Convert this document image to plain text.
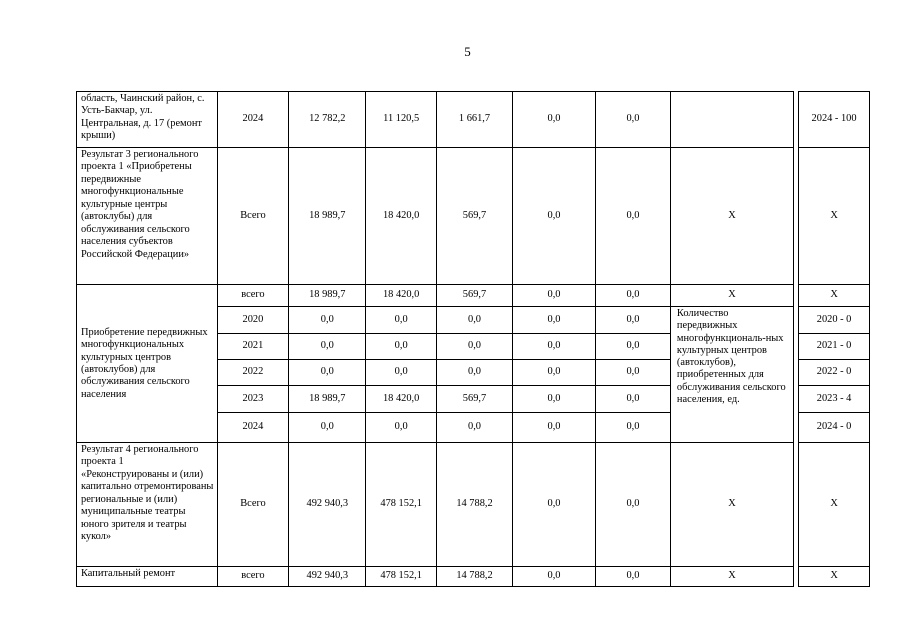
5
область, Чаинский район, с. Усть-Бакчар, ул. Центральная, д. 17 (ремонт крыши)	2024	12 782,2	11 120,5	1 661,7	0,0	0,0			2024 - 100
Результат 3 регионального проекта 1 «Приобретены передвижные многофункциональные культурные центры (автоклубы) для обслуживания сельского населения субъектов Российской Федерации»	Всего	18 989,7	18 420,0	569,7	0,0	0,0	Х		Х
Приобретение передвижных многофункциональных культурных центров (автоклубов) для обслуживания сельского населения	всего	18 989,7	18 420,0	569,7	0,0	0,0	Х		Х
	2020	0,0	0,0	0,0	0,0	0,0	Количество передвижных многофункциональ-ных культурных центров (автоклубов), приобретенных для обслуживания сельского населения, ед.		2020 - 0
	2021	0,0	0,0	0,0	0,0	0,0			2021 - 0
	2022	0,0	0,0	0,0	0,0	0,0			2022 - 0
	2023	18 989,7	18 420,0	569,7	0,0	0,0			2023 - 4
	2024	0,0	0,0	0,0	0,0	0,0			2024 - 0
Результат 4 регионального проекта 1 «Реконструированы и (или) капитально отремонтированы региональные и (или) муниципальные театры юного зрителя и театры кукол»	Всего	492 940,3	478 152,1	14 788,2	0,0	0,0	Х		Х
Капитальный ремонт	всего	492 940,3	478 152,1	14 788,2	0,0	0,0	Х		Х
